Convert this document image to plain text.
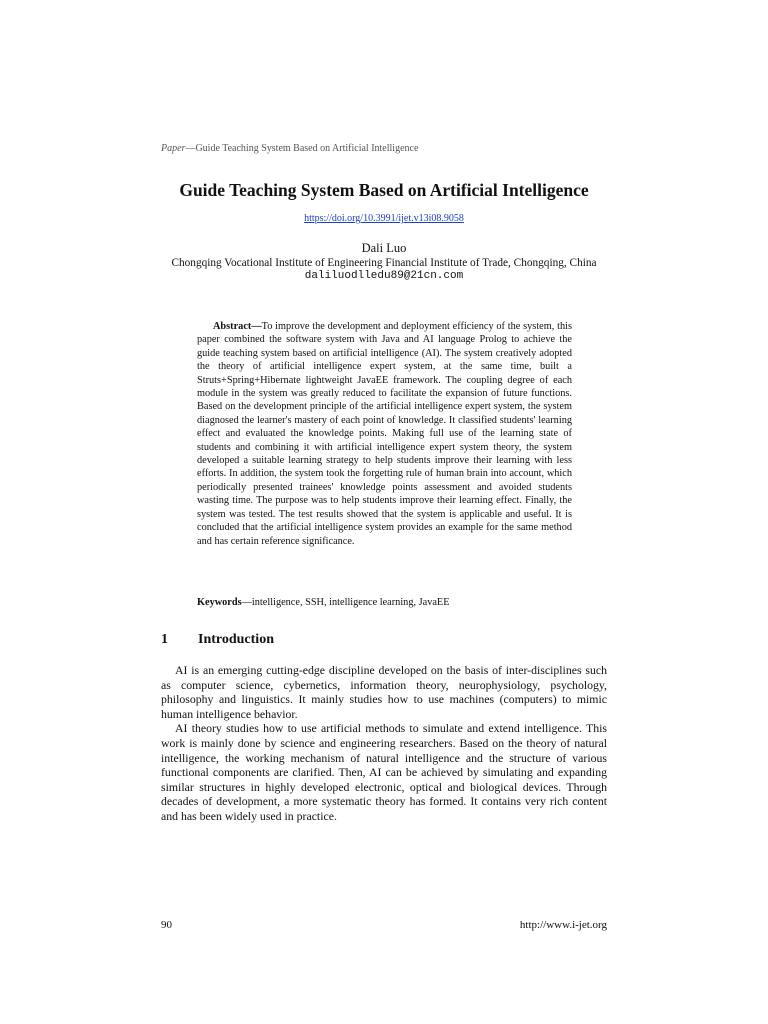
Paper—Guide Teaching System Based on Artificial Intelligence
Guide Teaching System Based on Artificial Intelligence
https://doi.org/10.3991/ijet.v13i08.9058
Dali Luo
Chongqing Vocational Institute of Engineering Financial Institute of Trade, Chongqing, China
daliluodlledu89@21cn.com

Abstract—To improve the development and deployment efficiency of the system, this paper combined the software system with Java and AI language Prolog to achieve the guide teaching system based on artificial intelligence (AI). The system creatively adopted the theory of artificial intelligence expert system, at the same time, built a Struts+Spring+Hibernate lightweight JavaEE framework. The coupling degree of each module in the system was greatly reduced to facilitate the expansion of future functions. Based on the development principle of the artificial intelligence expert system, the system diagnosed the learner's mastery of each point of knowledge. It classified students' learning effect and evaluated the knowledge points. Making full use of the learning state of students and combining it with artificial intelligence expert system theory, the system developed a suitable learning strategy to help students improve their learning with less efforts. In addition, the system took the forgetting rule of human brain into account, which periodically presented trainees' knowledge points assessment and avoided students wasting time. The purpose was to help students improve their learning effect. Finally, the system was tested. The test results showed that the system is applicable and useful. It is concluded that the artificial intelligence system provides an example for the same method and has certain reference significance.

Keywords—intelligence, SSH, intelligence learning, JavaEE

1 Introduction

AI is an emerging cutting-edge discipline developed on the basis of inter-disciplines such as computer science, cybernetics, information theory, neurophysiology, psychology, philosophy and linguistics. It mainly studies how to use machines (computers) to mimic human intelligence behavior.

AI theory studies how to use artificial methods to simulate and extend intelligence. This work is mainly done by science and engineering researchers. Based on the theory of natural intelligence, the working mechanism of natural intelligence and the structure of various functional components are clarified. Then, AI can be achieved by simulating and expanding similar structures in highly developed electronic, optical and biological devices. Through decades of development, a more systematic theory has formed. It contains very rich content and has been widely used in practice.

90	http://www.i-jet.org
